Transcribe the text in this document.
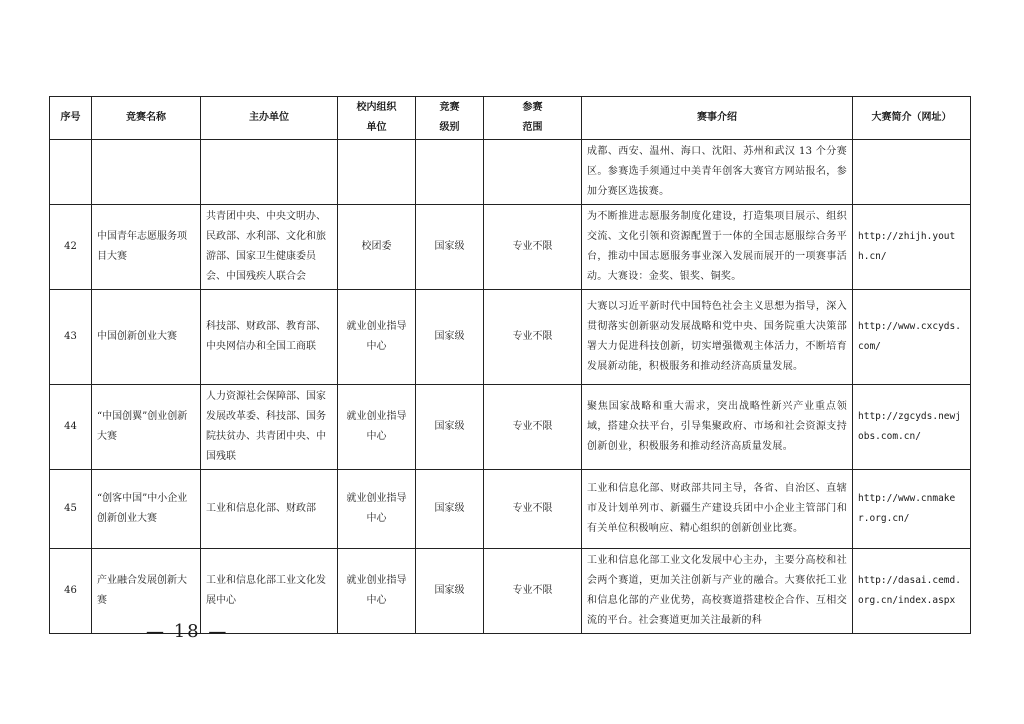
序号	竞赛名称	主办单位	校内组织单位	竞赛级别	参赛范围	赛事介绍	大赛简介（网址）
						成都、西安、温州、海口、沈阳、苏州和武汉 13 个分赛区。参赛选手须通过中美青年创客大赛官方网站报名，参加分赛区选拔赛。	
42	中国青年志愿服务项目大赛	共青团中央、中央文明办、民政部、水利部、文化和旅游部、国家卫生健康委员会、中国残疾人联合会	校团委	国家级	专业不限	为不断推进志愿服务制度化建设，打造集项目展示、组织交流、文化引领和资源配置于一体的全国志愿服综合务平台，推动中国志愿服务事业深入发展而展开的一项赛事活动。大赛设：金奖、银奖、铜奖。	http://zhijh.youth.cn/
43	中国创新创业大赛	科技部、财政部、教育部、中央网信办和全国工商联	就业创业指导中心	国家级	专业不限	大赛以习近平新时代中国特色社会主义思想为指导，深入贯彻落实创新驱动发展战略和党中央、国务院重大决策部署大力促进科技创新，切实增强微观主体活力，不断培育发展新动能，积极服务和推动经济高质量发展。	http://www.cxcyds.com/
44	“中国创翼”创业创新大赛	人力资源社会保障部、国家发展改革委、科技部、国务院扶贫办、共青团中央、中国残联	就业创业指导中心	国家级	专业不限	聚焦国家战略和重大需求，突出战略性新兴产业重点领域，搭建众扶平台，引导集聚政府、市场和社会资源支持创新创业，积极服务和推动经济高质量发展。	http://zgcyds.newjobs.com.cn/
45	“创客中国”中小企业创新创业大赛	工业和信息化部、财政部	就业创业指导中心	国家级	专业不限	工业和信息化部、财政部共同主导，各省、自治区、直辖市及计划单列市、新疆生产建设兵团中小企业主管部门和有关单位积极响应、精心组织的创新创业比赛。	http://www.cnmaker.org.cn/
46	产业融合发展创新大赛	工业和信息化部工业文化发展中心	就业创业指导中心	国家级	专业不限	工业和信息化部工业文化发展中心主办，主要分高校和社会两个赛道，更加关注创新与产业的融合。大赛依托工业和信息化部的产业优势，高校赛道搭建校企合作、互相交流的平台。社会赛道更加关注最新的科	http://dasai.cemd.org.cn/index.aspx
— 18 —
